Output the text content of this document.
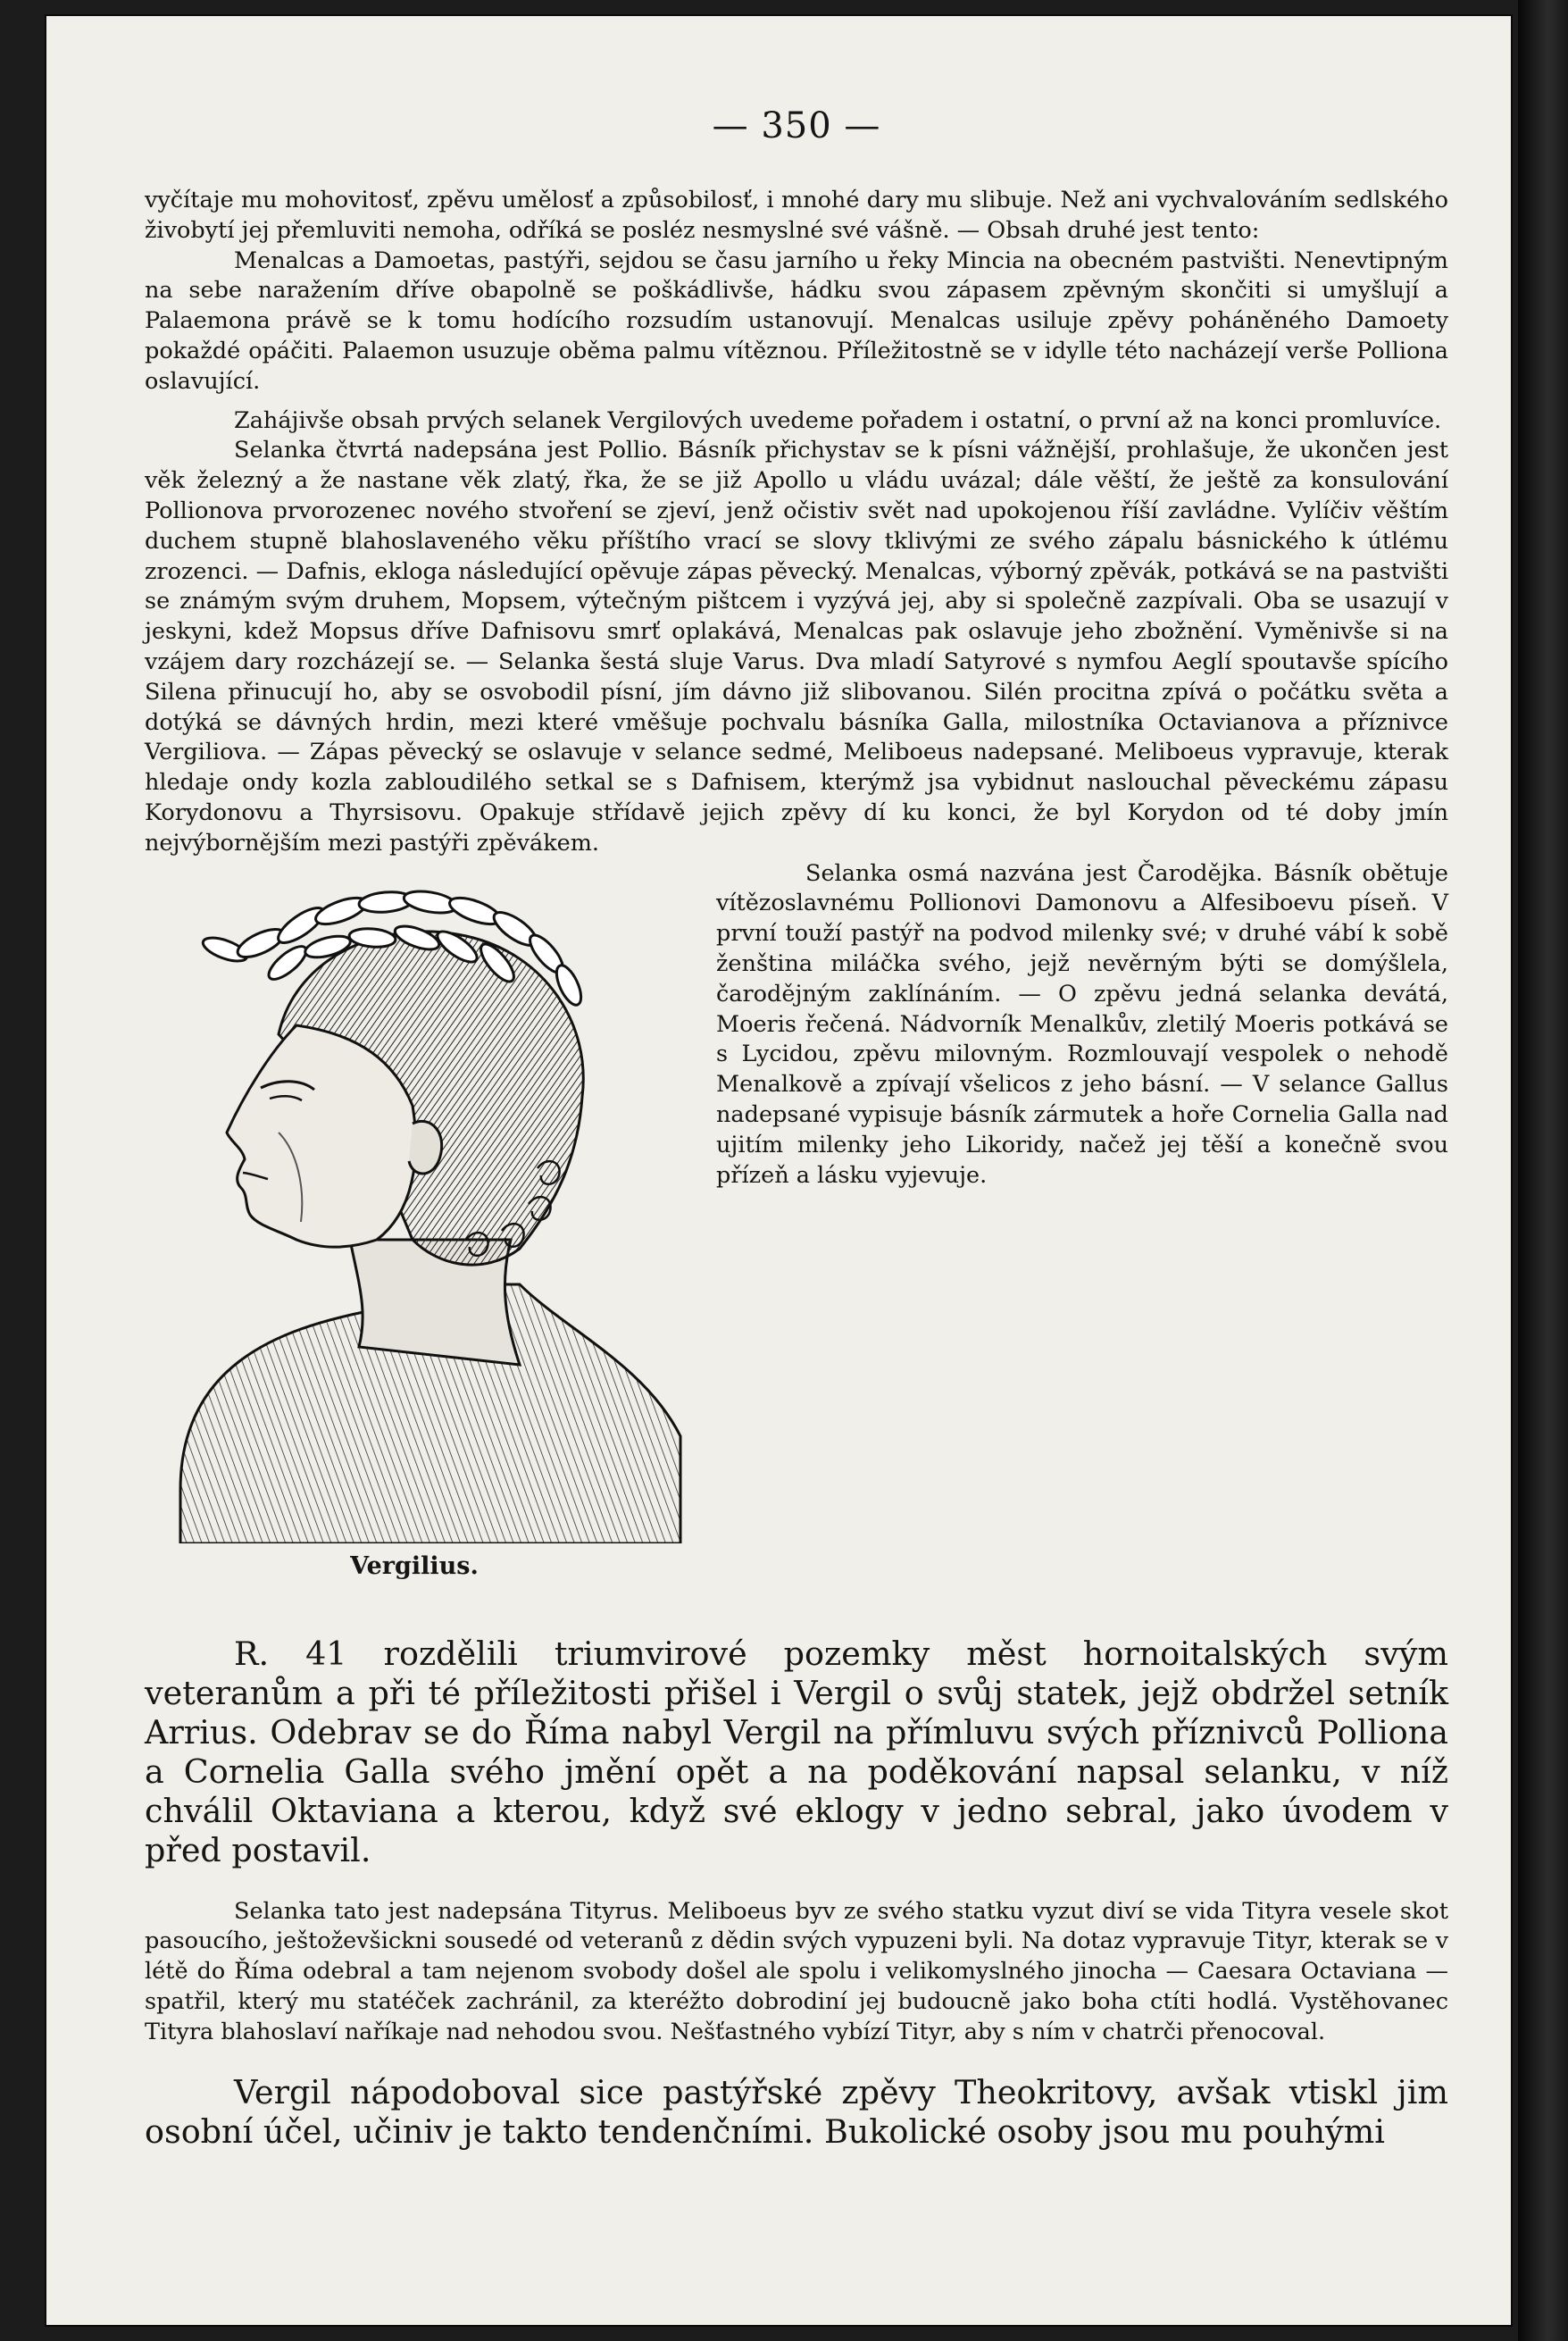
— 350 —

vyčítaje mu mohovitosť, zpěvu umělosť a způsobilosť, i mnohé dary mu slibuje. Než ani vychvalováním sedlského živobytí jej přemluviti nemoha, odříká se posléz nesmyslné své vášně. — Obsah druhé jest tento:

Menalcas a Damoetas, pastýři, sejdou se času jarního u řeky Mincia na obecném pastvišti. Nenevtipným na sebe naražením dříve obapolně se poškádlivše, hádku svou zápasem zpěvným skončiti si umyšlují a Palaemona právě se k tomu hodícího rozsudím ustanovují. Menalcas usiluje zpěvy poháněného Damoety pokaždé opáčiti. Palaemon usuzuje oběma palmu vítěznou. Příležitostně se v idylle této nacházejí verše Polliona oslavující.

Zahájivše obsah prvých selanek Vergilových uvedeme pořadem i ostatní, o první až na konci promluvíce.

Selanka čtvrtá nadepsána jest Pollio. Básník přichystav se k písni vážnější, prohlašuje, že ukončen jest věk železný a že nastane věk zlatý, řka, že se již Apollo u vládu uvázal; dále věští, že ještě za konsulování Pollionova prvorozenec nového stvoření se zjeví, jenž očistiv svět nad upokojenou říší zavládne. Vylíčiv věštím duchem stupně blahoslaveného věku příštího vrací se slovy tklivými ze svého zápalu básnického k útlému zrozenci. — Dafnis, ekloga následující opěvuje zápas pěvecký. Menalcas, výborný zpěvák, potkává se na pastvišti se známým svým druhem, Mopsem, výtečným pištcem i vyzývá jej, aby si společně zazpívali. Oba se usazují v jeskyni, kdež Mopsus dříve Dafnisovu smrť oplakává, Menalcas pak oslavuje jeho zbožnění. Vyměnivše si na vzájem dary rozcházejí se. — Selanka šestá sluje Varus. Dva mladí Satyrové s nymfou Aeglí spoutavše spícího Silena přinucují ho, aby se osvobodil písní, jím dávno již slibovanou. Silén procitna zpívá o počátku světa a dotýká se dávných hrdin, mezi které vměšuje pochvalu básníka Galla, milostníka Octavianova a příznivce Vergiliova. — Zápas pěvecký se oslavuje v selance sedmé, Meliboeus nadepsané. Meliboeus vypravuje, kterak hledaje ondy kozla zabloudilého setkal se s Dafnisem, kterýmž jsa vybidnut naslouchal pěveckému zápasu Korydonovu a Thyrsisovu. Opakuje střídavě jejich zpěvy dí ku konci, že byl Korydon od té doby jmín nejvýbornějším mezi pastýři zpěvákem.

Vergilius.

Selanka osmá nazvána jest Čarodějka. Básník obětuje vítězoslavnému Pollionovi Damonovu a Alfesiboevu píseň. V první touží pastýř na podvod milenky své; v druhé vábí k sobě ženština miláčka svého, jejž nevěrným býti se domýšlela, čarodějným zaklínáním. — O zpěvu jedná selanka devátá, Moeris řečená. Nádvorník Menalkův, zletilý Moeris potkává se s Lycidou, zpěvu milovným. Rozmlouvají vespolek o nehodě Menalkově a zpívají všelicos z jeho básní. — V selance Gallus nadepsané vypisuje básník zármutek a hoře Cornelia Galla nad ujitím milenky jeho Likoridy, načež jej těší a konečně svou přízeň a lásku vyjevuje.

R. 41 rozdělili triumvirové pozemky měst hornoitalských svým veteranům a při té příležitosti přišel i Vergil o svůj statek, jejž obdržel setník Arrius. Odebrav se do Říma nabyl Vergil na přímluvu svých příznivců Polliona a Cornelia Galla svého jmění opět a na poděkování napsal selanku, v níž chválil Oktaviana a kterou, když své eklogy v jedno sebral, jako úvodem v před postavil.

Selanka tato jest nadepsána Tityrus. Meliboeus byv ze svého statku vyzut diví se vida Tityra vesele skot pasoucího, ještoževšickni sousedé od veteranů z dědin svých vypuzeni byli. Na dotaz vypravuje Tityr, kterak se v létě do Říma odebral a tam nejenom svobody došel ale spolu i velikomyslného jinocha — Caesara Octaviana — spatřil, který mu statéček zachránil, za kteréžto dobrodiní jej budoucně jako boha ctíti hodlá. Vystěhovanec Tityra blahoslaví naříkaje nad nehodou svou. Nešťastného vybízí Tityr, aby s ním v chatrči přenocoval.

Vergil nápodoboval sice pastýřské zpěvy Theokritovy, avšak vtiskl jim osobní účel, učiniv je takto tendenčními. Bukolické osoby jsou mu pouhými
